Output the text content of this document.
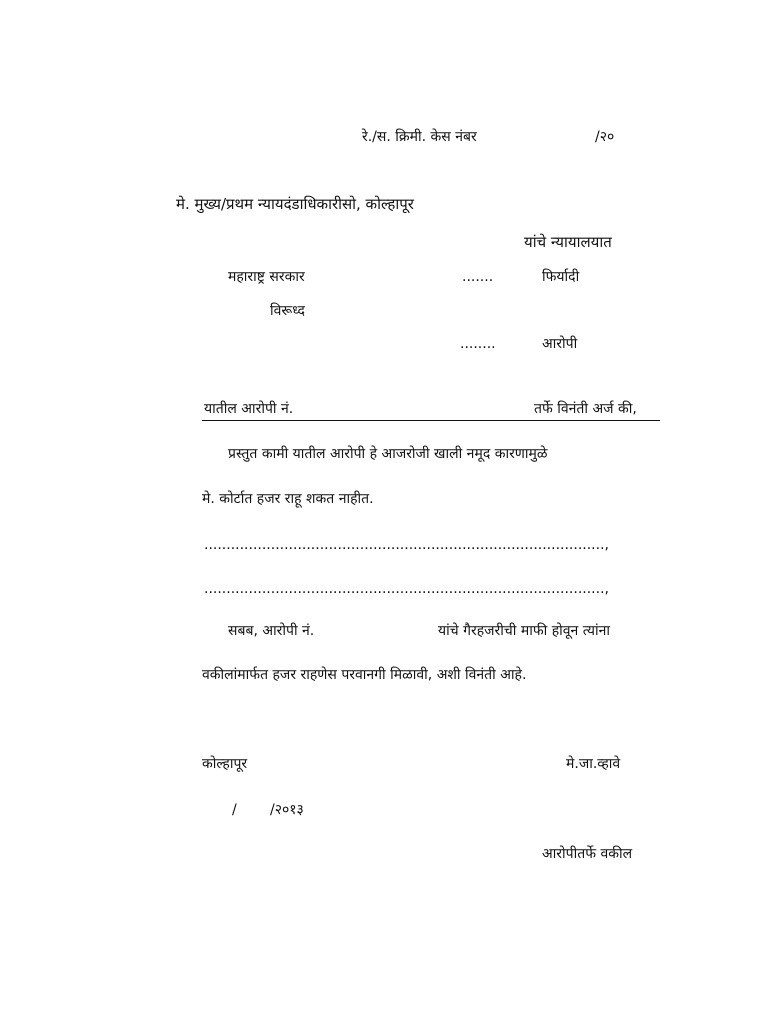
रे./स. क्रिमी. केस नंबर	/२०
मे. मुख्य/प्रथम न्यायदंडाधिकारीसो, कोल्हापूर
यांचे न्यायालयात
महाराष्ट्र सरकार	.......	फिर्यादी
विरूध्द
........	आरोपी
यातील आरोपी नं.	तर्फे विनंती अर्ज की,
प्रस्तुत कामी यातील आरोपी हे आजरोजी खाली नमूद कारणामुळे
मे. कोर्टात हजर राहू शकत नाहीत.
..........................................................................................,
..........................................................................................,
सबब, आरोपी नं.	यांचे गैरहजरीची माफी होवून त्यांना
वकीलांमार्फत हजर राहणेस परवानगी मिळावी, अशी विनंती आहे.
कोल्हापूर	मे.जा.व्हावे
/ /२०१३
आरोपीतर्फे वकील
